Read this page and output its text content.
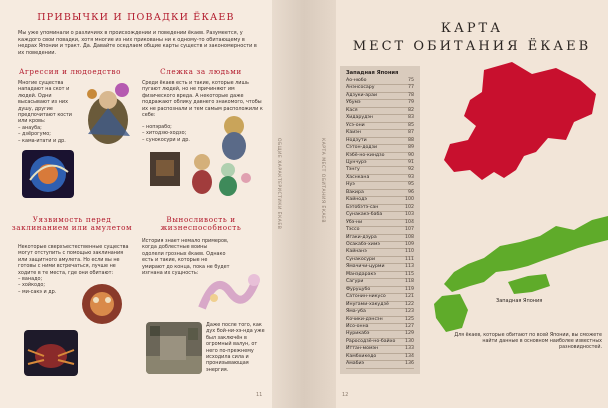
ПРИВЫЧКИ И ПОВАДКИ ЁКАЕВ
Мы уже упоминали о различиях в происхождении и поведении ёкаев. Разумеется, у каждого свои повадки, хотя многие из них прикованы ни к одному-то обитающему в недрах Японии и тракт. Да. Давайте оседлаем общие карты существ и закономерности в их поведении.
Агрессия и людоедство
Многие существа нападают на скот и людей. Одни высасывают из них душу, другие предпочитают кости или кровь:
– анауба;
– дзёрогумо;
– кама-итати и др.
Слежка за людьми
Среди ёкаев есть и такие, которые лишь пугают людей, но не причиняют им физического вреда. А некоторые даже подражают облику давнего знакомого, чтобы их не распознали и тем самым расположили к себе:
– нопэрабо;
– хитодзю-ходзо;
– сунокосури и др.
Уязвимость перед заклинанием или амулетом
Некоторые сверхъестественные существа могут отступить с помощью заклинания или защитного амулета. Но если вы не готовы с ними встречаться, лучше не ходите в те места, где они обитают:
– ванадо;
– хойкодо;
– ми-сакэ и др.
Выносливость и жизнеспособность
История знает немало примеров, когда доблестные воины одолели грозных ёкаев. Однако есть и такие, которые не умирают до конца, пока не будет изгнана их сущность:
Даже после того, как дух бой-ни-хэ-нда уже был заключён в огромный валун, от него по-прежнему исходила сила и пронизывающая энергия.
11
ОБЩИЕ ХАРАКТЕРИСТИКИ ЁКАЕВ	КАРТА МЕСТ ОБИТАНИЯ ЁКАЕВ
КАРТА
МЕСТ ОБИТАНИЯ ЁКАЕВ
Западная Япония
Ао-нюбо	75
Анэнсосару	77
Адзуки-араи	78
Убумэ	79
Кася	82
Хидарудэн	83
Усэ-они	85
Каиэн	87
Нодзути	88
Сэтон-додзи	89
Кэбё-но-киндзо	90
Цунчурэ	91
Тэнгу	92
Хаснкана	93
Нуэ	95
Вакира	96
Кайнодэ	100
Бэтобэтэ-сан	102
Сунакакэ-баба	103
Убэ-ни	104
Тэссо	107
Игаки-дзура	108
Осакабэ-химэ	109
Кайнанэ	110
Сунакосури	111
Ямачичи-цурми	113
Манэдаракэ	115
Сагури	118
Фуруцубо	119
Сатонин-никусо	121
Инугами-хакудзё	122
Яма-уба	123
Кочики-дэнсэн	125
Исо-онна	127
Нурикабэ	129
Раросодзё-но-байхо 130
Иттан-момэн	133
Камбхикедо	134
Амабиэ	136
Западная Япония
Для ёкаев, которые обитают по всей Японии, вы сможете найти данные в основном наиболее известных разновидностей.
12
